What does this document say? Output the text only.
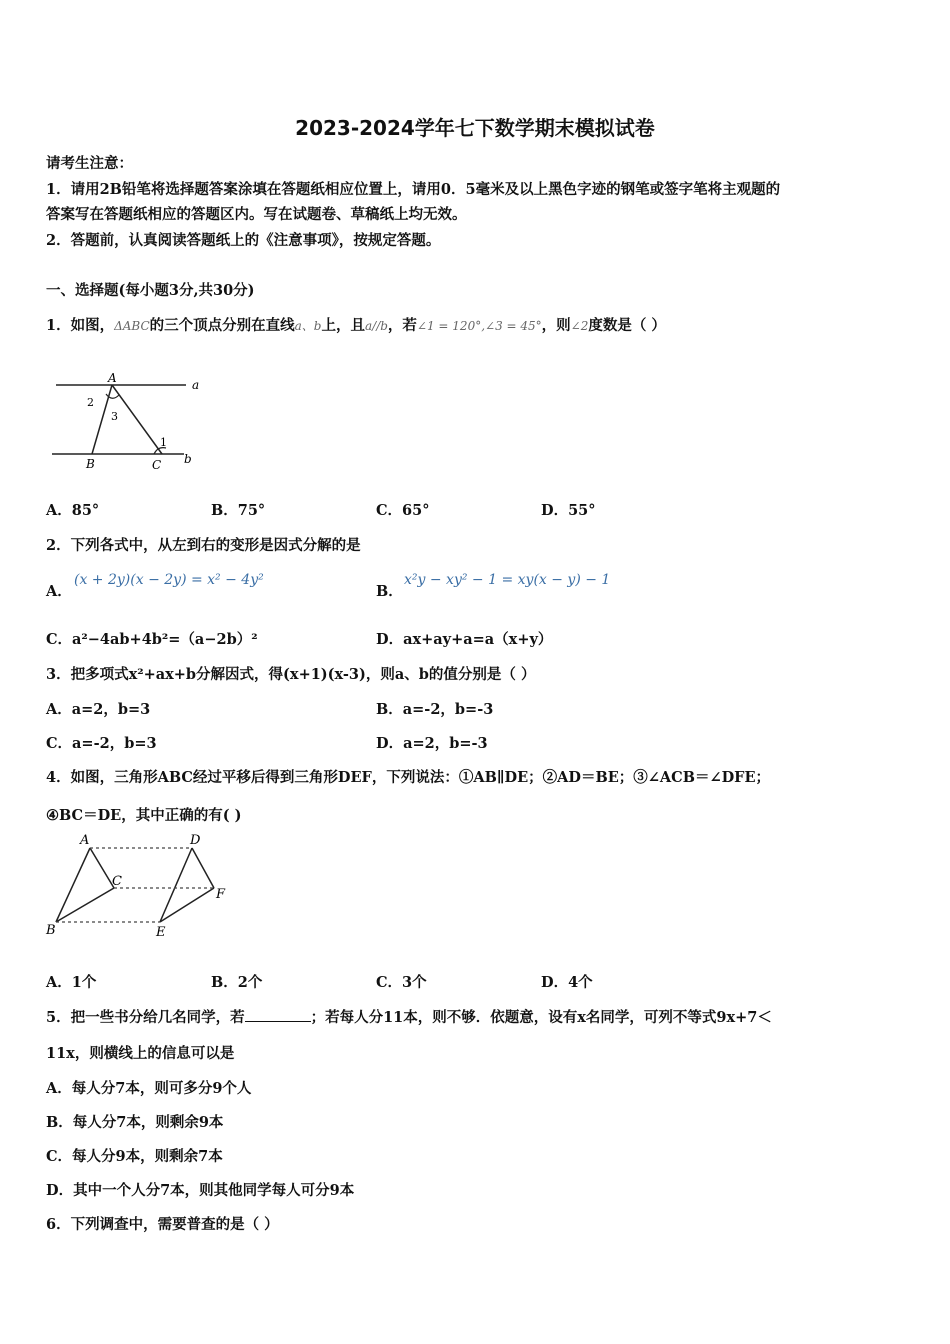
2023-2024学年七下数学期末模拟试卷
请考生注意：
1．请用2B铅笔将选择题答案涂填在答题纸相应位置上，请用0．5毫米及以上黑色字迹的钢笔或签字笔将主观题的
答案写在答题纸相应的答题区内。写在试题卷、草稿纸上均无效。
2．答题前，认真阅读答题纸上的《注意事项》，按规定答题。
一、选择题(每小题3分,共30分)
1．如图，ΔABC的三个顶点分别在直线a、b上，且a//b，若∠1 = 120°,∠3 = 45°，则∠2度数是（ ）
A
B	C
a
b
1
2
3
A．85°	B．75°	C．65°	D．55°
2．下列各式中，从左到右的变形是因式分解的是
A．
(x + 2y)(x − 2y) = x² − 4y²
B．
x²y − xy² − 1 = xy(x − y) − 1
C．a²−4ab+4b²=（a−2b）²	D．ax+ay+a=a（x+y）
3．把多项式x²+ax+b分解因式，得(x+1)(x-3)，则a、b的值分别是（ ）
A．a=2，b=3	B．a=-2，b=-3
C．a=-2，b=3	D．a=2，b=-3
4．如图，三角形ABC经过平移后得到三角形DEF，下列说法：①AB∥DE；②AD＝BE；③∠ACB＝∠DFE；
④BC＝DE，其中正确的有( )
A
B
C
D
E
F
A．1个	B．2个	C．3个	D．4个
5．把一些书分给几名同学，若	；若每人分11本，则不够．依题意，设有x名同学，可列不等式9x+7＜
11x，则横线上的信息可以是
A．每人分7本，则可多分9个人
B．每人分7本，则剩余9本
C．每人分9本，则剩余7本
D．其中一个人分7本，则其他同学每人可分9本
6．下列调查中，需要普查的是（ ）
